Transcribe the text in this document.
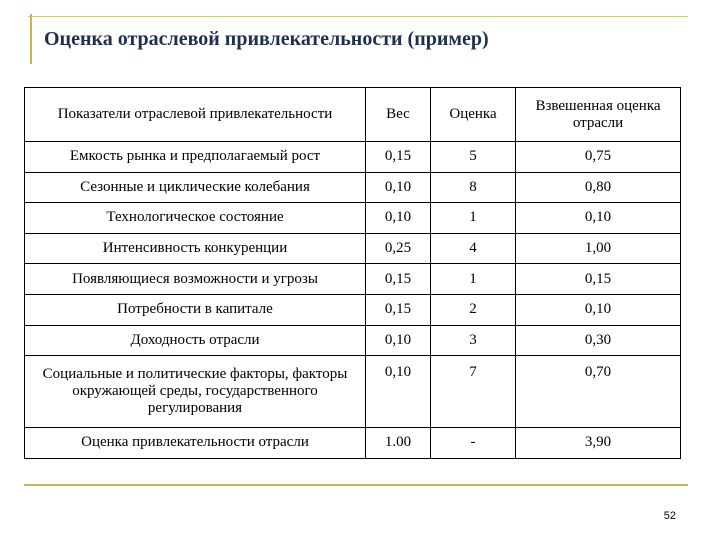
Оценка отраслевой привлекательности (пример)
Показатели отраслевой привлекательности	Вес	Оценка	Взвешенная оценка отрасли
Емкость рынка и предполагаемый рост	0,15	5	0,75
Сезонные и циклические колебания	0,10	8	0,80
Технологическое состояние	0,10	1	0,10
Интенсивность конкуренции	0,25	4	1,00
Появляющиеся возможности и угрозы	0,15	1	0,15
Потребности в капитале	0,15	2	0,10
Доходность отрасли	0,10	3	0,30
Социальные и политические факторы, факторы окружающей среды, государственного регулирования	0,10	7	0,70
Оценка привлекательности отрасли	1.00	-	3,90
52
